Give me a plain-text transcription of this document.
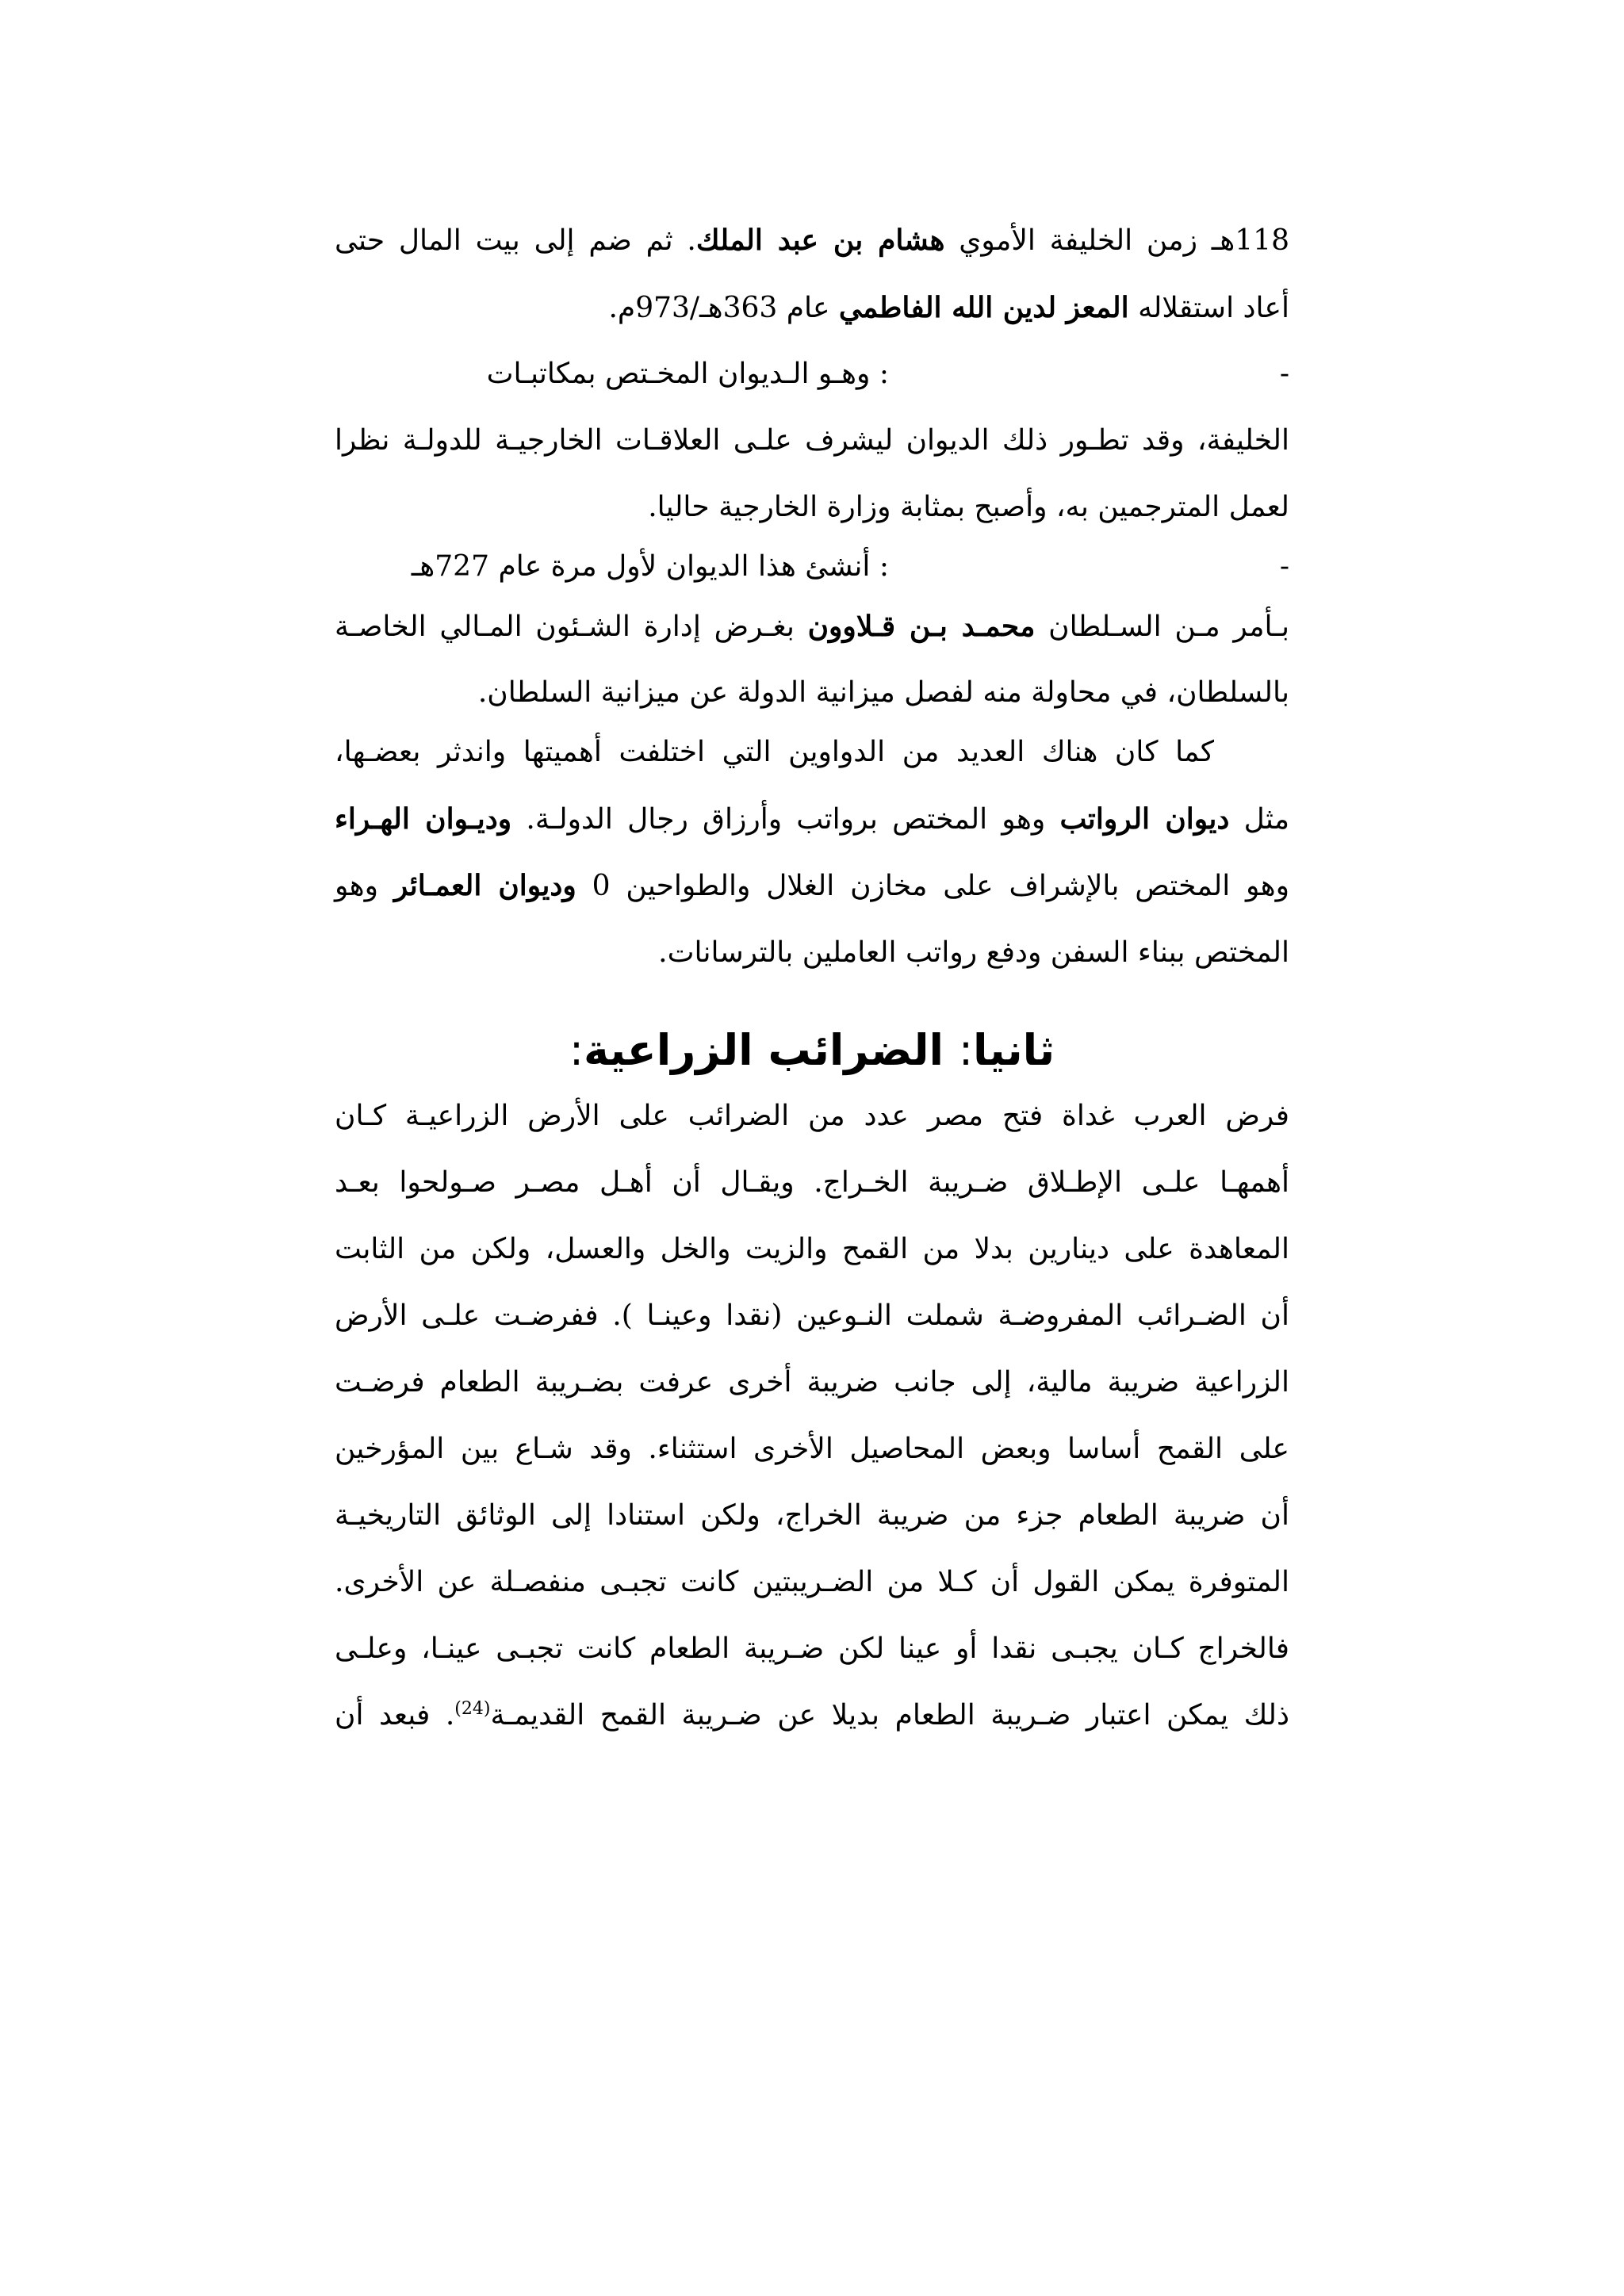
118هـ زمن الخليفة الأموي هشام بن عبد الملك. ثم ضم إلى بيت المال حتى

أعاد استقلاله المعز لدين الله الفاطمي عام 363هـ/973م.

-: وهـو الـديوان المخـتص بمكاتبـات

الخليفة، وقد تطـور ذلك الديوان ليشرف علـى العلاقـات الخارجيـة للدولـة نظرا

لعمل المترجمين به، وأصبح بمثابة وزارة الخارجية حاليا.

-: أنشئ هذا الديوان لأول مرة عام 727هـ

بـأمر مـن السـلطان محمـد بـن قـلاوون بغـرض إدارة الشـئون المـالي الخاصـة

بالسلطان، في محاولة منه لفصل ميزانية الدولة عن ميزانية السلطان.

كما كان هناك العديد من الدواوين التي اختلفت أهميتها واندثر بعضـها،

مثل ديوان الرواتب وهو المختص برواتب وأرزاق رجال الدولـة. وديـوان الهـراء

وهو المختص بالإشراف على مخازن الغلال والطواحين 0 وديوان العمـائر وهو

المختص ببناء السفن ودفع رواتب العاملين بالترسانات.

ثانيا: الضرائب الزراعية:

فرض العرب غداة فتح مصر عدد من الضرائب على الأرض الزراعيـة كـان

أهمهـا علـى الإطـلاق ضـريبة الخـراج. ويقـال أن أهـل مصـر صـولحوا بعـد

المعاهدة على دينارين بدلا من القمح والزيت والخل والعسل، ولكن من الثابت

أن الضـرائب المفروضـة شملت النـوعين (نقدا وعينـا ). ففرضـت علـى الأرض

الزراعية ضريبة مالية، إلى جانب ضريبة أخرى عرفت بضـريبة الطعام فرضـت

على القمح أساسا وبعض المحاصيل الأخرى استثناء. وقد شـاع بين المؤرخين

أن ضريبة الطعام جزء من ضريبة الخراج، ولكن استنادا إلى الوثائق التاريخيـة

المتوفرة يمكن القول أن كـلا من الضـريبتين كانت تجبـى منفصـلة عن الأخرى.

فالخراج كـان يجبـى نقدا أو عينا لكن ضـريبة الطعام كانت تجبـى عينـا، وعلـى

ذلك يمكن اعتبار ضـريبة الطعام بديلا عن ضـريبة القمح القديمـة$^{(24)}$. فبعد أن
